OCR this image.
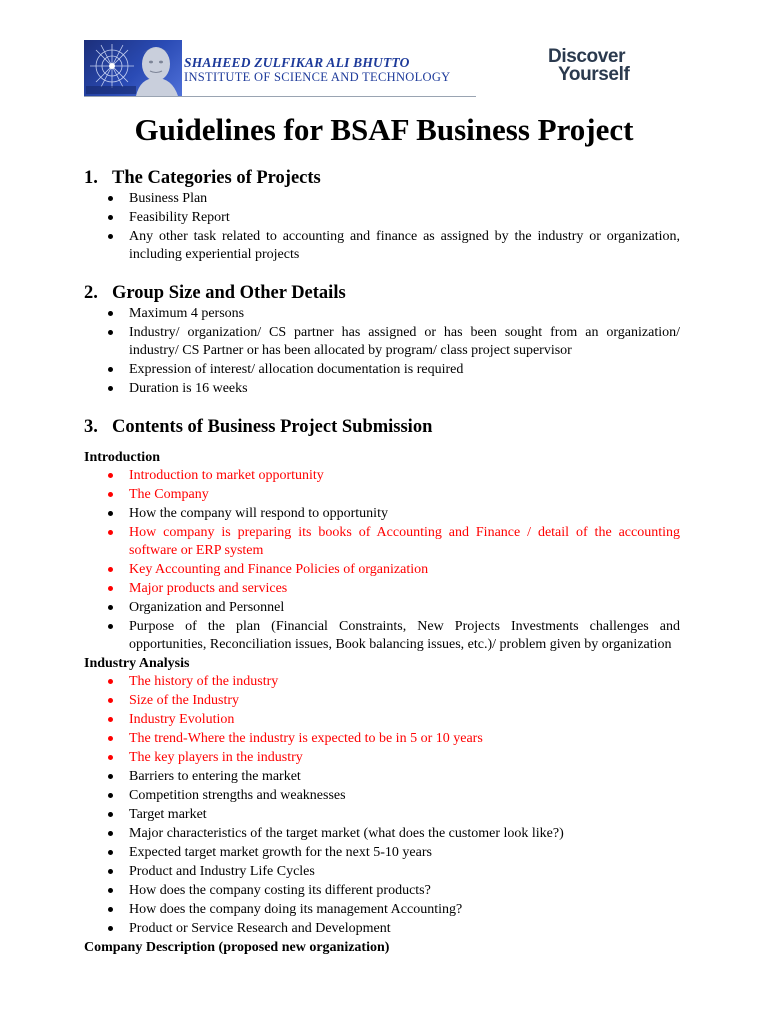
SHAHEED ZULFIKAR ALI BHUTTO
INSTITUTE OF SCIENCE AND TECHNOLOGY
Discover
Yourself
Guidelines for BSAF Business Project
1. The Categories of Projects
Business Plan
Feasibility Report
Any other task related to accounting and finance as assigned by the industry or organization, including experiential projects
2. Group Size and Other Details
Maximum 4 persons
Industry/ organization/ CS partner has assigned or has been sought from an organization/ industry/ CS Partner or has been allocated by program/ class project supervisor
Expression of interest/ allocation documentation is required
Duration is 16 weeks
3. Contents of Business Project Submission
Introduction
Introduction to market opportunity
The Company
How the company will respond to opportunity
How company is preparing its books of Accounting and Finance / detail of the accounting software or ERP system
Key Accounting and Finance Policies of organization
Major products and services
Organization and Personnel
Purpose of the plan (Financial Constraints, New Projects Investments challenges and opportunities, Reconciliation issues, Book balancing issues, etc.)/ problem given by organization
Industry Analysis
The history of the industry
Size of the Industry
Industry Evolution
The trend-Where the industry is expected to be in 5 or 10 years
The key players in the industry
Barriers to entering the market
Competition strengths and weaknesses
Target market
Major characteristics of the target market (what does the customer look like?)
Expected target market growth for the next 5-10 years
Product and Industry Life Cycles
How does the company costing its different products?
How does the company doing its management Accounting?
Product or Service Research and Development
Company Description (proposed new organization)
